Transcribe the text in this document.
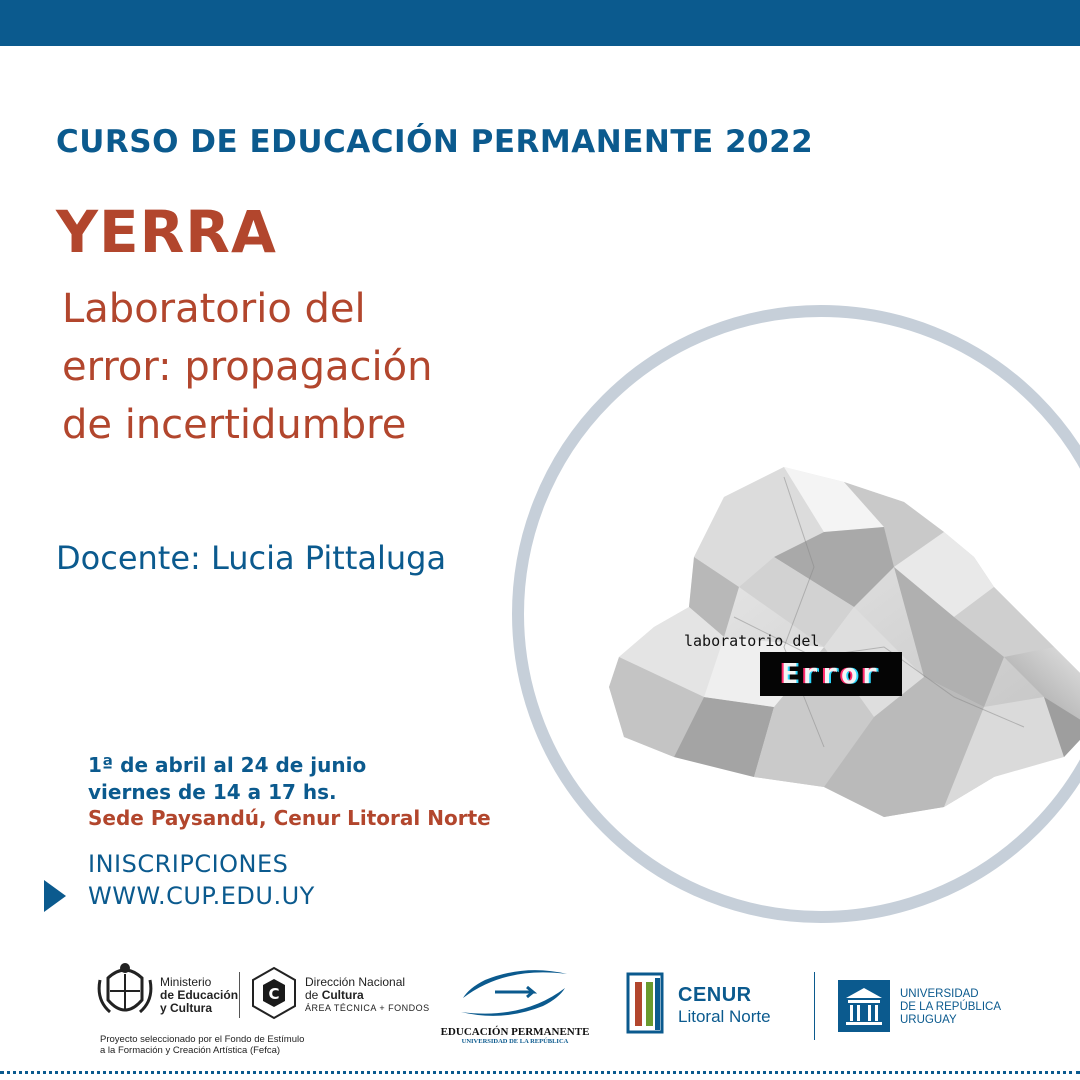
CURSO DE EDUCACIÓN PERMANENTE 2022
YERRA
Laboratorio del
error: propagación
de incertidumbre
Docente: Lucia Pittaluga
laboratorio del
Error
1ª de abril al 24 de junio
viernes de 14 a 17 hs.
Sede Paysandú, Cenur Litoral Norte
INISCRIPCIONES
WWW.CUP.EDU.UY
Ministerio
de Educación
y Cultura
C
Dirección Nacional
de Cultura
ÁREA TÉCNICA + FONDOS
Proyecto seleccionado por el Fondo de Estímulo
a la Formación y Creación Artística (Fefca)
EDUCACIÓN PERMANENTE
UNIVERSIDAD DE LA REPÚBLICA
CENUR
Litoral Norte
UNIVERSIDAD
DE LA REPÚBLICA
URUGUAY
